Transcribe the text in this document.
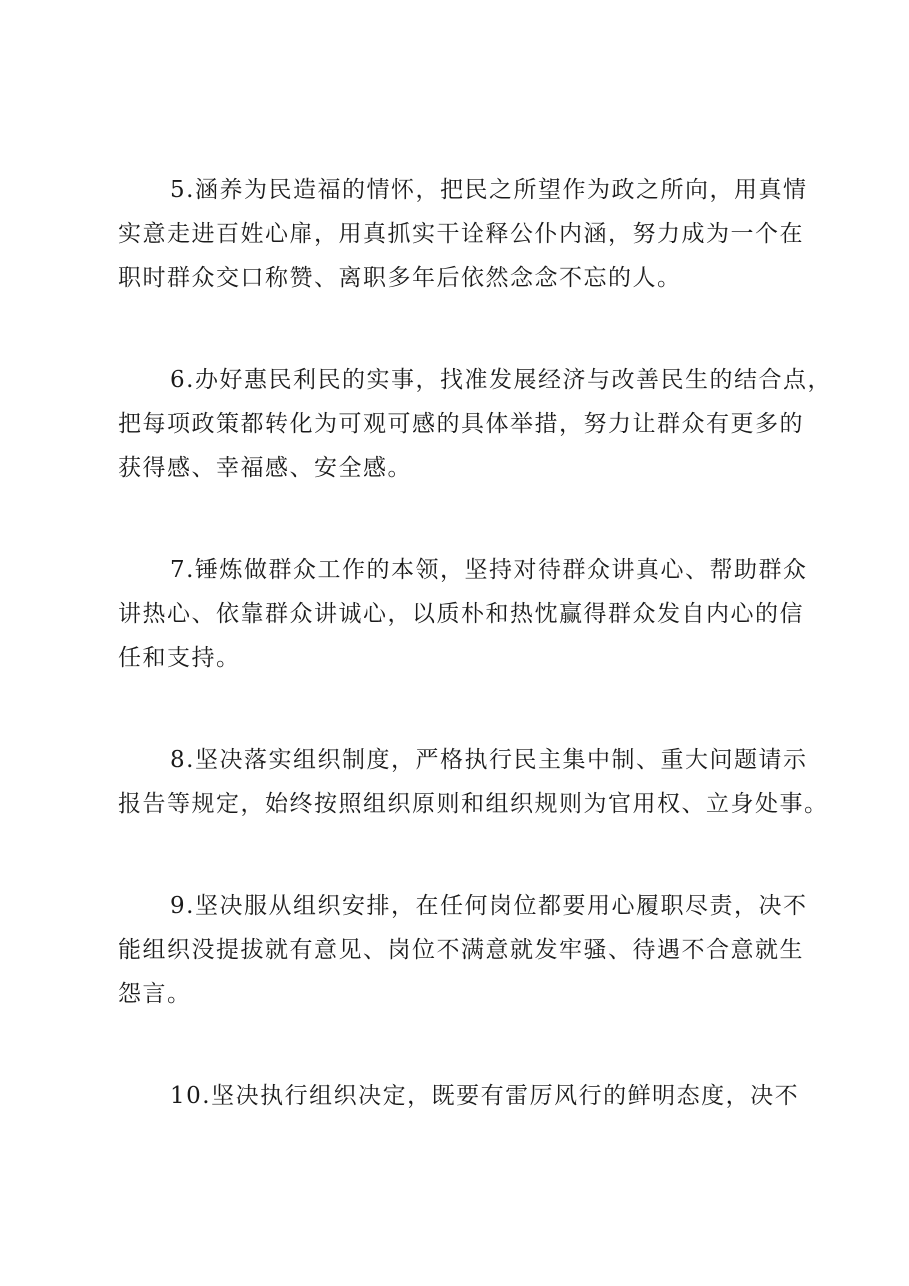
5.涵养为民造福的情怀，把民之所望作为政之所向，用真情
实意走进百姓心扉，用真抓实干诠释公仆内涵，努力成为一个在
职时群众交口称赞、离职多年后依然念念不忘的人。
6.办好惠民利民的实事，找准发展经济与改善民生的结合点，
把每项政策都转化为可观可感的具体举措，努力让群众有更多的
获得感、幸福感、安全感。
7.锤炼做群众工作的本领，坚持对待群众讲真心、帮助群众
讲热心、依靠群众讲诚心，以质朴和热忱赢得群众发自内心的信
任和支持。
8.坚决落实组织制度，严格执行民主集中制、重大问题请示
报告等规定，始终按照组织原则和组织规则为官用权、立身处事。
9.坚决服从组织安排，在任何岗位都要用心履职尽责，决不
能组织没提拔就有意见、岗位不满意就发牢骚、待遇不合意就生
怨言。
10.坚决执行组织决定，既要有雷厉风行的鲜明态度，决不
